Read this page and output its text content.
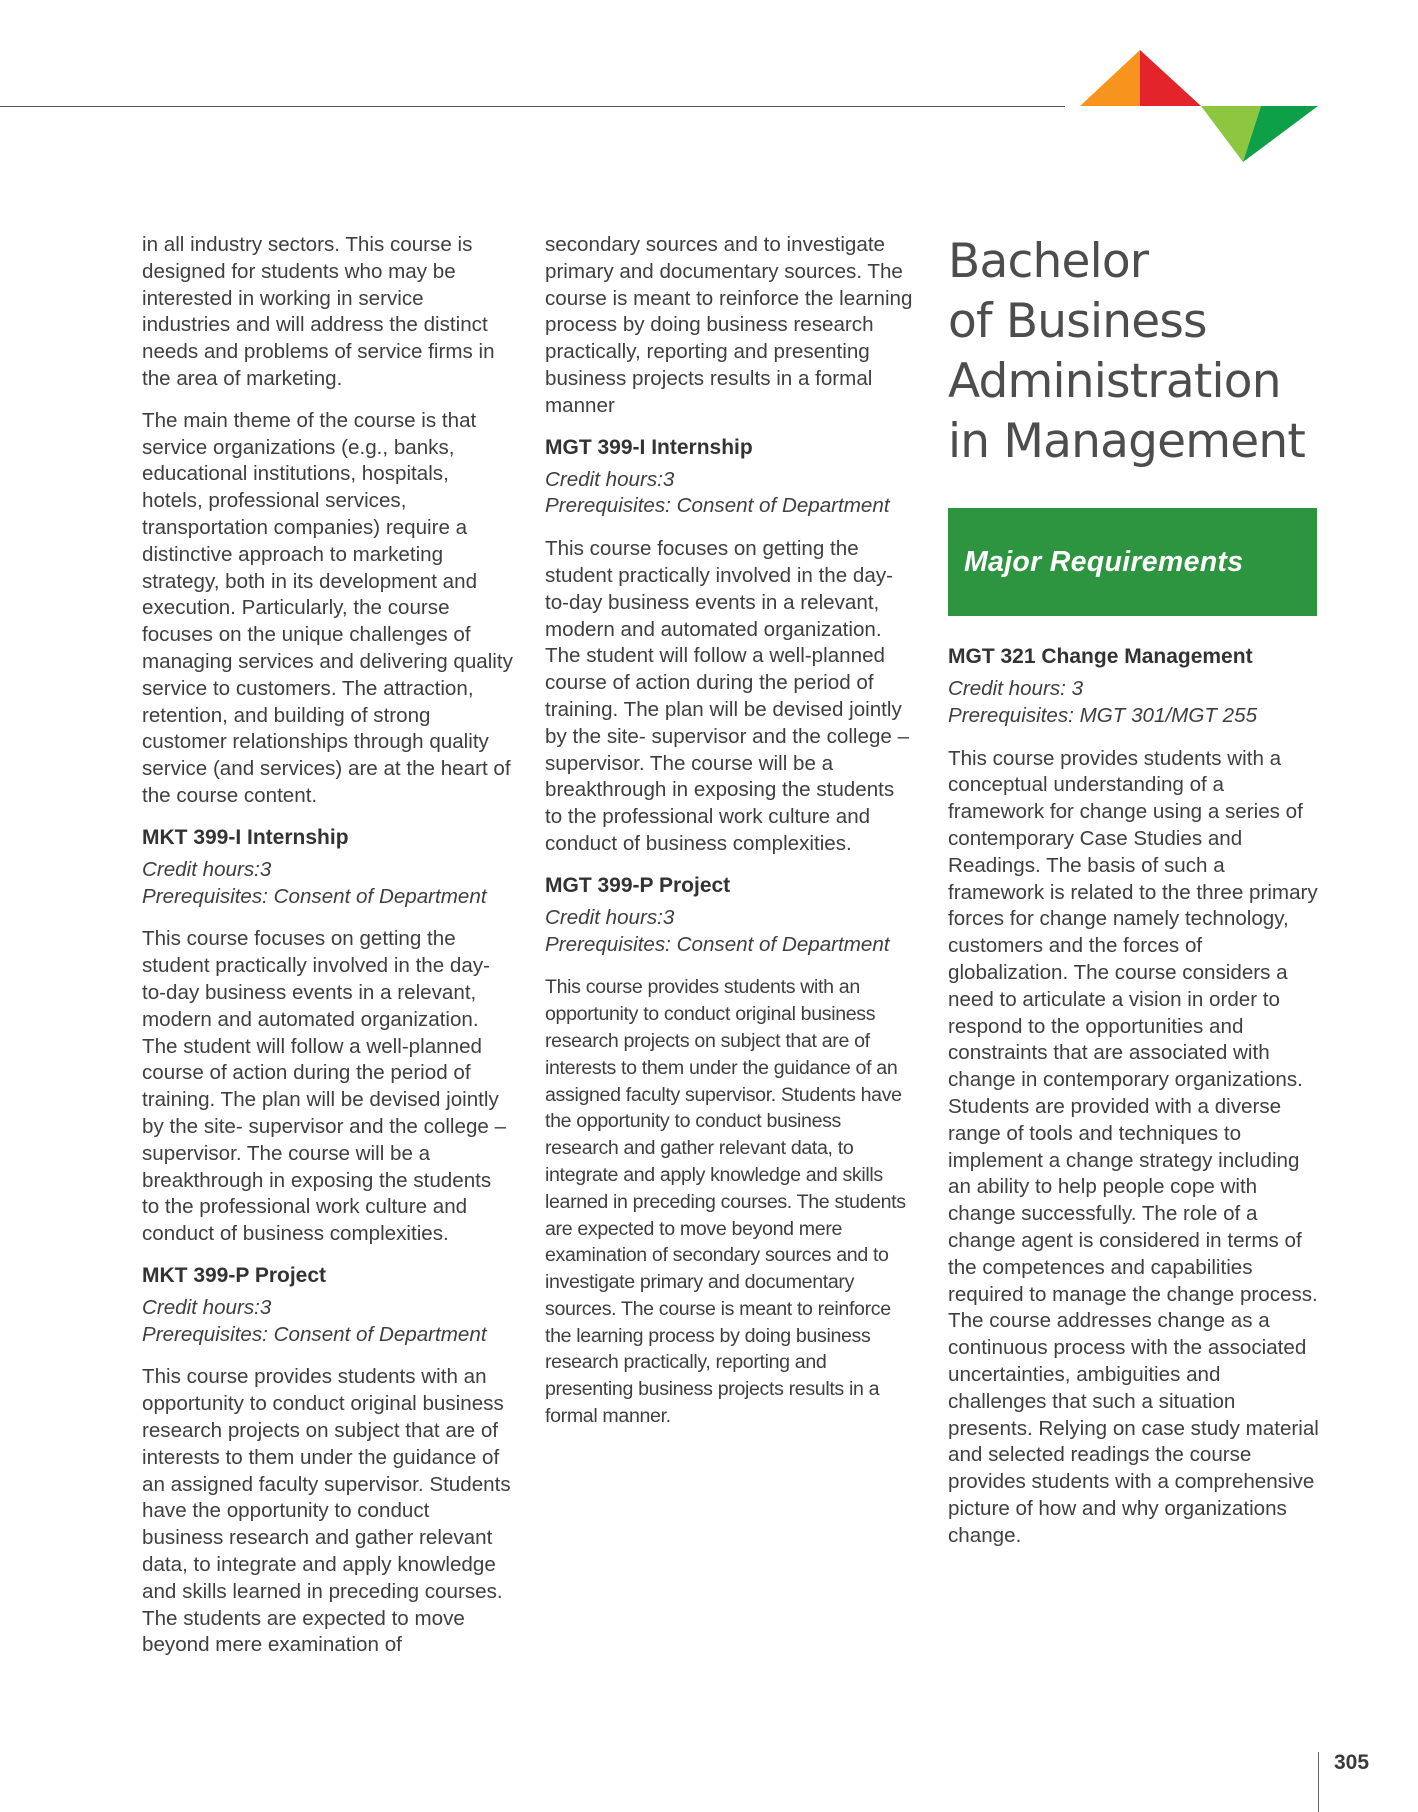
in all industry sectors. This course is designed for students who may be interested in working in service industries and will address the distinct needs and problems of service firms in the area of marketing.

The main theme of the course is that service organizations (e.g., banks, educational institutions, hospitals, hotels, professional services, transportation companies) require a distinctive approach to marketing strategy, both in its development and execution. Particularly, the course focuses on the unique challenges of managing services and delivering quality service to customers. The attraction, retention, and building of strong customer relationships through quality service (and services) are at the heart of the course content.

MKT 399-I Internship
Credit hours:3
Prerequisites: Consent of Department

This course focuses on getting the student practically involved in the day-to-day business events in a relevant, modern and automated organization. The student will follow a well-planned course of action during the period of training. The plan will be devised jointly by the site- supervisor and the college –supervisor. The course will be a breakthrough in exposing the students to the professional work culture and conduct of business complexities.

MKT 399-P Project
Credit hours:3
Prerequisites: Consent of Department

This course provides students with an opportunity to conduct original business research projects on subject that are of interests to them under the guidance of an assigned faculty supervisor. Students have the opportunity to conduct business research and gather relevant data, to integrate and apply knowledge and skills learned in preceding courses. The students are expected to move beyond mere examination of

secondary sources and to investigate primary and documentary sources. The course is meant to reinforce the learning process by doing business research practically, reporting and presenting business projects results in a formal manner

MGT 399-I Internship
Credit hours:3
Prerequisites: Consent of Department

This course focuses on getting the student practically involved in the day-to-day business events in a relevant, modern and automated organization. The student will follow a well-planned course of action during the period of training. The plan will be devised jointly by the site- supervisor and the college –supervisor. The course will be a breakthrough in exposing the students to the professional work culture and conduct of business complexities.

MGT 399-P Project
Credit hours:3
Prerequisites: Consent of Department

This course provides students with an opportunity to conduct original business research projects on subject that are of interests to them under the guidance of an assigned faculty supervisor. Students have the opportunity to conduct business research and gather relevant data, to integrate and apply knowledge and skills learned in preceding courses. The students are expected to move beyond mere examination of secondary sources and to investigate primary and documentary sources. The course is meant to reinforce the learning process by doing business research practically, reporting and presenting business projects results in a formal manner.

Bachelor
of Business
Administration
in Management
Major Requirements
MGT 321 Change Management
Credit hours: 3
Prerequisites: MGT 301/MGT 255

This course provides students with a conceptual understanding of a framework for change using a series of contemporary Case Studies and Readings. The basis of such a framework is related to the three primary forces for change namely technology, customers and the forces of globalization. The course considers a need to articulate a vision in order to respond to the opportunities and constraints that are associated with change in contemporary organizations. Students are provided with a diverse range of tools and techniques to implement a change strategy including an ability to help people cope with change successfully. The role of a change agent is considered in terms of the competences and capabilities required to manage the change process. The course addresses change as a continuous process with the associated uncertainties, ambiguities and challenges that such a situation presents. Relying on case study material and selected readings the course provides students with a comprehensive picture of how and why organizations change.

305
